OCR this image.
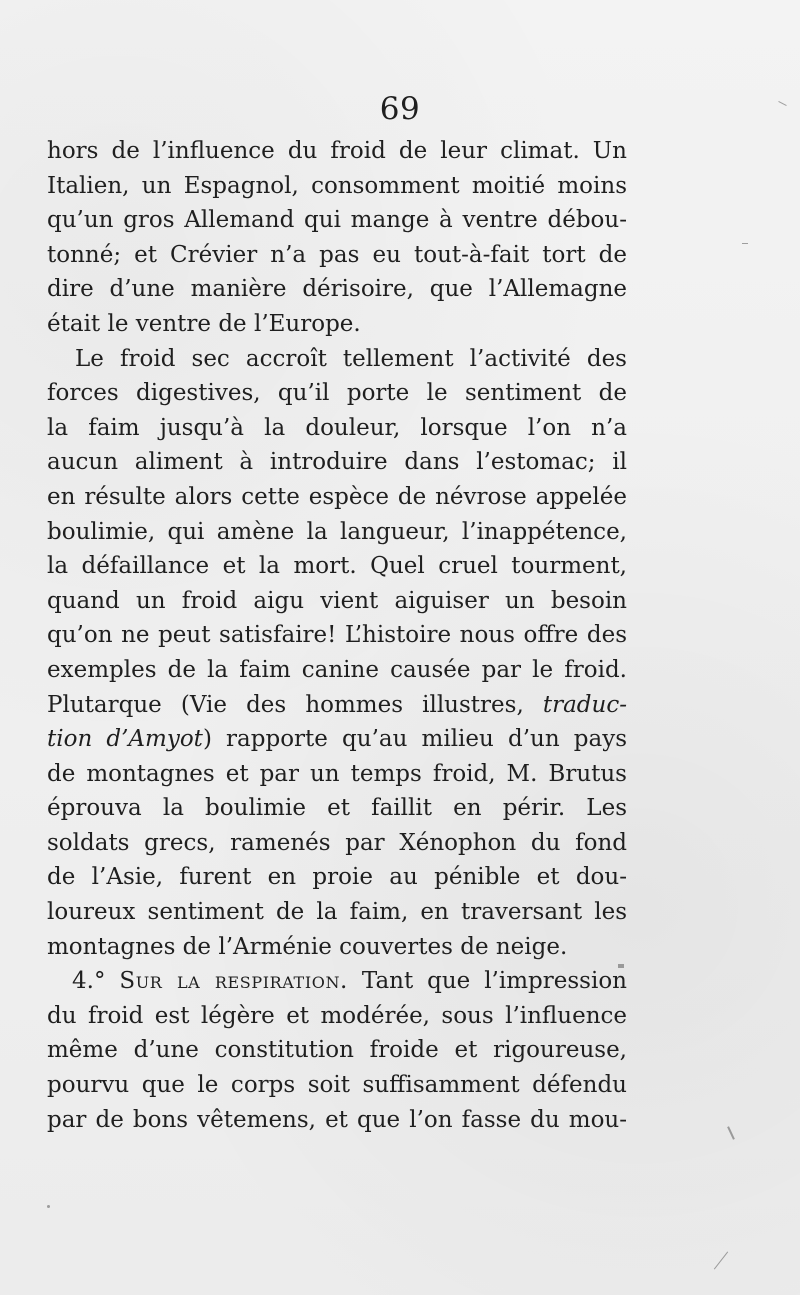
69
hors de l’influence du froid de leur climat. Un
Italien, un Espagnol, consomment moitié moins
qu’un gros Allemand qui mange à ventre débou-
tonné; et Crévier n’a pas eu tout-à-fait tort de
dire d’une manière dérisoire, que l’Allemagne
était le ventre de l’Europe.
Le froid sec accroît tellement l’activité des
forces digestives, qu’il porte le sentiment de
la faim jusqu’à la douleur, lorsque l’on n’a
aucun aliment à introduire dans l’estomac; il
en résulte alors cette espèce de névrose appelée
boulimie, qui amène la langueur, l’inappétence,
la défaillance et la mort. Quel cruel tourment,
quand un froid aigu vient aiguiser un besoin
qu’on ne peut satisfaire! L’histoire nous offre des
exemples de la faim canine causée par le froid.
Plutarque (Vie des hommes illustres, traduc-
tion d’Amyot) rapporte qu’au milieu d’un pays
de montagnes et par un temps froid, M. Brutus
éprouva la boulimie et faillit en périr. Les
soldats grecs, ramenés par Xénophon du fond
de l’Asie, furent en proie au pénible et dou-
loureux sentiment de la faim, en traversant les
montagnes de l’Arménie couvertes de neige.
4.° Sur la respiration. Tant que l’impression
du froid est légère et modérée, sous l’influence
même d’une constitution froide et rigoureuse,
pourvu que le corps soit suffisamment défendu
par de bons vêtemens, et que l’on fasse du mou-
